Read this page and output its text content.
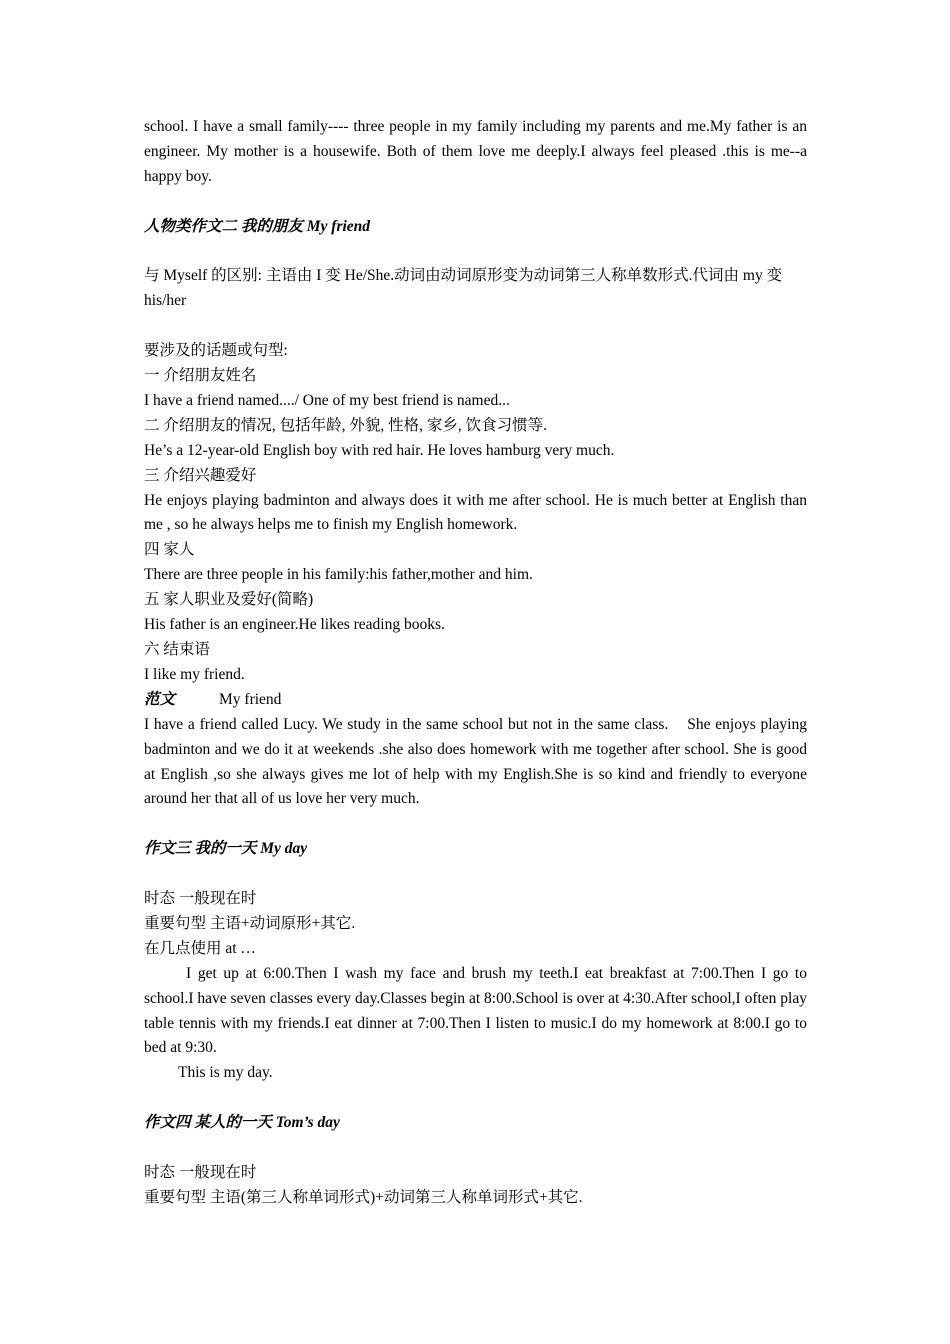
school. I have a small family---- three people in my family including my parents and me.My father is an engineer. My mother is a housewife. Both of them love me deeply.I always feel pleased .this is me--a happy boy.

人物类作文二 我的朋友 My friend

与 Myself 的区别: 主语由 I 变 He/She.动词由动词原形变为动词第三人称单数形式.代词由 my 变 his/her

要涉及的话题或句型:

一 介绍朋友姓名

I have a friend named..../ One of my best friend is named...

二 介绍朋友的情况, 包括年龄, 外貌, 性格, 家乡, 饮食习惯等.

He’s a 12-year-old English boy with red hair. He loves hamburg very much.

三 介绍兴趣爱好

He enjoys playing badminton and always does it with me after school. He is much better at English than me , so he always helps me to finish my English homework.

四 家人

There are three people in his family:his father,mother and him.

五 家人职业及爱好(简略)

His father is an engineer.He likes reading books.

六 结束语

I like my friend.

范文	My friend

I have a friend called Lucy. We study in the same school but not in the same class.    She enjoys playing badminton and we do it at weekends .she also does homework with me together after school. She is good at English ,so she always gives me lot of help with my English.She is so kind and friendly to everyone around her that all of us love her very much.

作文三 我的一天 My day

时态 一般现在时

重要句型 主语+动词原形+其它.

在几点使用 at …

I get up at 6:00.Then I wash my face and brush my teeth.I eat breakfast at 7:00.Then I go to school.I have seven classes every day.Classes begin at 8:00.School is over at 4:30.After school,I often play table tennis with my friends.I eat dinner at 7:00.Then I listen to music.I do my homework at 8:00.I go to bed at 9:30.

This is my day.

作文四 某人的一天 Tom’s day

时态 一般现在时

重要句型 主语(第三人称单词形式)+动词第三人称单词形式+其它.
